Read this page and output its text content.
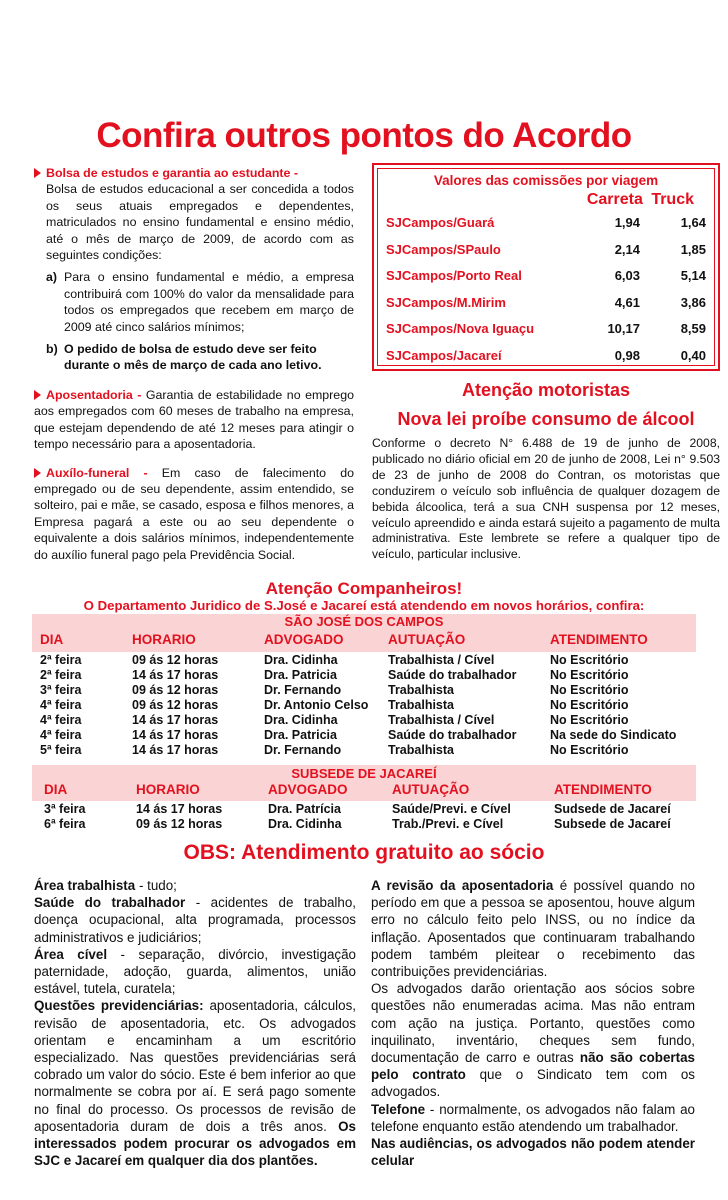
Confira outros pontos do Acordo
Bolsa de estudos e garantia ao estudante -
Bolsa de estudos educacional a ser concedida a todos os seus atuais empregados e dependentes, matriculados no ensino fundamental e ensino médio, até o mês de março de 2009, de acordo com as seguintes condições:
a) Para o ensino fundamental e médio, a empresa contribuirá com 100% do valor da mensalidade para todos os empregados que recebem em março de 2009 até cinco salários mínimos;
b) O pedido de bolsa de estudo deve ser feito durante o mês de março de cada ano letivo.
Aposentadoria - Garantia de estabilidade no emprego aos empregados com 60 meses de trabalho na empresa, que estejam dependendo de até 12 meses para atingir o tempo necessário para a aposentadoria.
Auxílo-funeral - Em caso de falecimento do empregado ou de seu dependente, assim entendido, se solteiro, pai e mãe, se casado, esposa e filhos menores, a Empresa pagará a este ou ao seu dependente o equivalente a dois salários mínimos, independentemente do auxílio funeral pago pela Previdência Social.
Valores das comissões por viagem
Carreta Truck
SJCampos/Guará	1,94	1,64
SJCampos/SPaulo	2,14	1,85
SJCampos/Porto Real	6,03	5,14
SJCampos/M.Mirim	4,61	3,86
SJCampos/Nova Iguaçu	10,17	8,59
SJCampos/Jacareí	0,98	0,40
Atenção motoristas
Nova lei proíbe consumo de álcool
Conforme o decreto N° 6.488 de 19 de junho de 2008, publicado no diário oficial em 20 de junho de 2008, Lei n° 9.503 de 23 de junho de 2008 do Contran, os motoristas que conduzirem o veículo sob influência de qualquer dozagem de bebida álcoolica, terá a sua CNH suspensa por 12 meses, veículo apreendido e ainda estará sujeito a pagamento de multa administrativa. Este lembrete se refere a qualquer tipo de veículo, particular inclusive.
Atenção Companheiros!
O Departamento Juridico de S.José e Jacareí está atendendo em novos horários, confira:
SÃO JOSÉ DOS CAMPOS
DIA	HORARIO	ADVOGADO	AUTUAÇÃO	ATENDIMENTO
2ª feira	09 ás 12 horas	Dra. Cidinha	Trabalhista / Cível	No Escritório
2ª feira	14 ás 17 horas	Dra. Patricia	Saúde do trabalhador	No Escritório
3ª feira	09 ás 12 horas	Dr. Fernando	Trabalhista	No Escritório
4ª feira	09 ás 12 horas	Dr. Antonio Celso Trabalhista	No Escritório
4ª feira	14 ás 17 horas	Dra. Cidinha	Trabalhista / Cível	No Escritório
4ª feira	14 ás 17 horas	Dra. Patricia	Saúde do trabalhador	Na sede do Sindicato
5ª feira	14 ás 17 horas	Dr. Fernando	Trabalhista	No Escritório
SUBSEDE DE JACAREÍ
DIA	HORARIO	ADVOGADO	AUTUAÇÃO	ATENDIMENTO
3ª feira	14 ás 17 horas	Dra. Patrícia	Saúde/Previ. e Cível	Sudsede de Jacareí
6ª feira	09 ás 12 horas	Dra. Cidinha	Trab./Previ. e Cível	Subsede de Jacareí
OBS: Atendimento gratuito ao sócio
Área trabalhista - tudo;
Saúde do trabalhador - acidentes de trabalho, doença ocupacional, alta programada, processos administrativos e judiciários;
Área cível - separação, divórcio, investigação paternidade, adoção, guarda, alimentos, união estável, tutela, curatela;
Questões previdenciárias: aposentadoria, cálculos, revisão de aposentadoria, etc. Os advogados orientam e encaminham a um escritório especializado. Nas questões previdenciárias será cobrado um valor do sócio. Este é bem inferior ao que normalmente se cobra por aí. E será pago somente no final do processo. Os processos de revisão de aposentadoria duram de dois a três anos. Os interessados podem procurar os advogados em SJC e Jacareí em qualquer dia dos plantões.
A revisão da aposentadoria é possível quando no período em que a pessoa se aposentou, houve algum erro no cálculo feito pelo INSS, ou no índice da inflação. Aposentados que continuaram trabalhando podem também pleitear o recebimento das contribuições previdenciárias.
Os advogados darão orientação aos sócios sobre questões não enumeradas acima. Mas não entram com ação na justiça. Portanto, questões como inquilinato, inventário, cheques sem fundo, documentação de carro e outras não são cobertas pelo contrato que o Sindicato tem com os advogados.
Telefone - normalmente, os advogados não falam ao telefone enquanto estão atendendo um trabalhador.
Nas audiências, os advogados não podem atender celular
